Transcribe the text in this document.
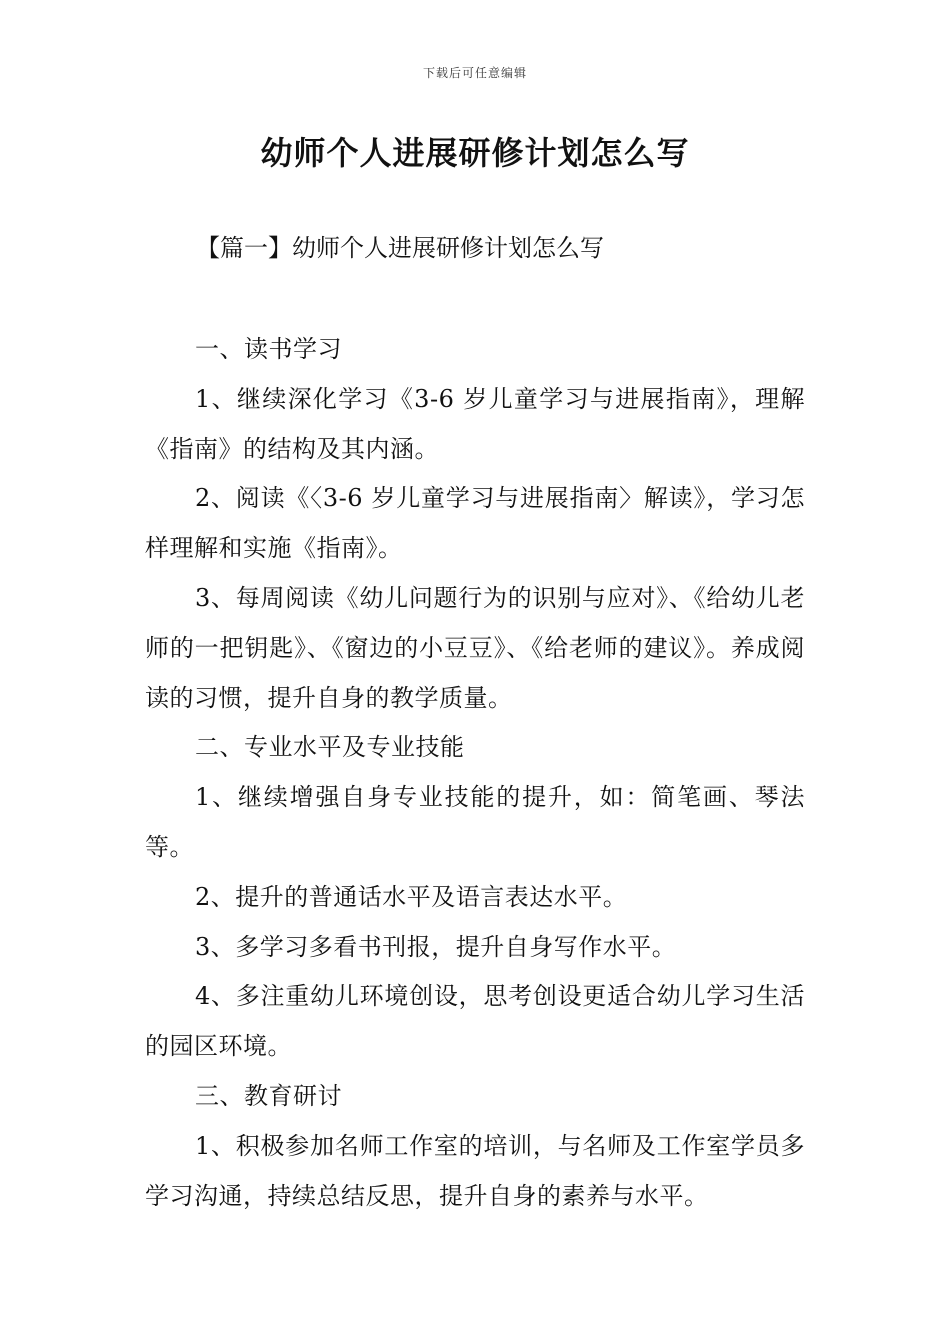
下载后可任意编辑
幼师个人进展研修计划怎么写
【篇一】幼师个人进展研修计划怎么写

一、读书学习

1、继续深化学习《3-6 岁儿童学习与进展指南》，理解《指南》的结构及其内涵。

2、阅读《〈3-6 岁儿童学习与进展指南〉解读》，学习怎样理解和实施《指南》。

3、每周阅读《幼儿问题行为的识别与应对》、《给幼儿老师的一把钥匙》、《窗边的小豆豆》、《给老师的建议》。养成阅读的习惯，提升自身的教学质量。

二、专业水平及专业技能

1、继续增强自身专业技能的提升，如：简笔画、琴法等。

2、提升的普通话水平及语言表达水平。

3、多学习多看书刊报，提升自身写作水平。

4、多注重幼儿环境创设，思考创设更适合幼儿学习生活的园区环境。

三、教育研讨

1、积极参加名师工作室的培训，与名师及工作室学员多学习沟通，持续总结反思，提升自身的素养与水平。
